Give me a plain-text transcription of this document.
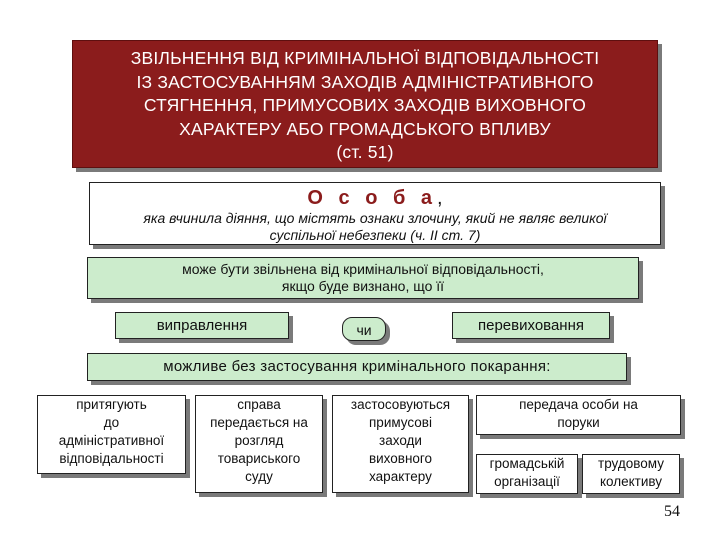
ЗВІЛЬНЕННЯ ВІД КРИМІНАЛЬНОЇ ВІДПОВІДАЛЬНОСТІ
ІЗ ЗАСТОСУВАННЯМ ЗАХОДІВ АДМІНІСТРАТИВНОГО
СТЯГНЕННЯ, ПРИМУСОВИХ ЗАХОДІВ ВИХОВНОГО
ХАРАКТЕРУ АБО ГРОМАДСЬКОГО ВПЛИВУ
(ст. 51)
О с о б а,
яка вчинила діяння, що містять ознаки злочину, який не являє великої
суспільної небезпеки (ч. ІІ ст. 7)
може бути звільнена від кримінальної відповідальності,
якщо буде визнано, що її
виправлення	чи	перевиховання
можливе без застосування кримінального покарання:
притягують
до
адміністративної
відповідальності
справа
передається на
розгляд
товариського
суду
застосовуються
примусові
заходи
виховного
характеру
передача особи на
поруки
громадській
організації
трудовому
колективу
54
